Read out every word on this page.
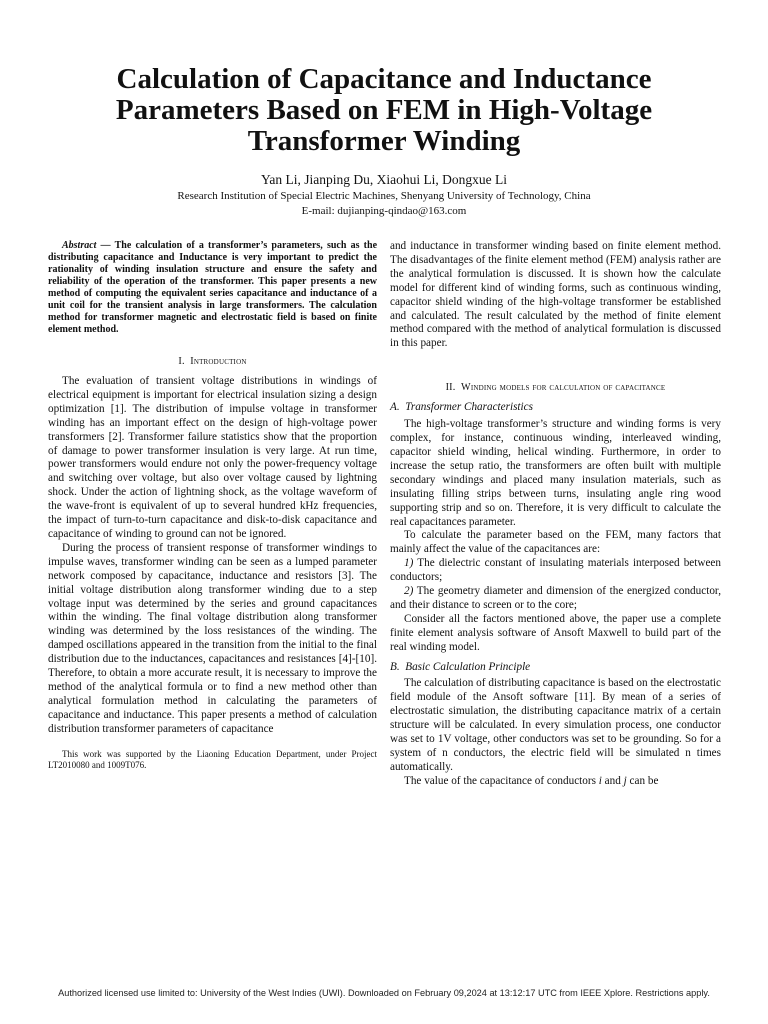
Calculation of Capacitance and Inductance
Parameters Based on FEM in High-Voltage
Transformer Winding
Yan Li, Jianping Du, Xiaohui Li, Dongxue Li
Research Institution of Special Electric Machines, Shenyang University of Technology, China
E-mail: dujianping-qindao@163.com

Abstract — The calculation of a transformer’s parameters, such as the distributing capacitance and Inductance is very important to predict the rationality of winding insulation structure and ensure the safety and reliability of the operation of the transformer. This paper presents a new method of computing the equivalent series capacitance and inductance of a unit coil for the transient analysis in large transformers. The calculation method for transformer magnetic and electrostatic field is based on finite element method.

I. Introduction

The evaluation of transient voltage distributions in windings of electrical equipment is important for electrical insulation sizing a design optimization [1]. The distribution of impulse voltage in transformer winding has an important effect on the design of high-voltage power transformers [2]. Transformer failure statistics show that the proportion of damage to power transformer insulation is very large. At run time, power transformers would endure not only the power-frequency voltage and switching over voltage, but also over voltage caused by lightning shock. Under the action of lightning shock, as the voltage waveform of the wave-front is equivalent of up to several hundred kHz frequencies, the impact of turn-to-turn capacitance and disk-to-disk capacitance and capacitance of winding to ground can not be ignored.

During the process of transient response of transformer windings to impulse waves, transformer winding can be seen as a lumped parameter network composed by capacitance, inductance and resistors [3]. The initial voltage distribution along transformer winding due to a step voltage input was determined by the series and ground capacitances within the winding. The final voltage distribution along transformer winding was determined by the loss resistances of the winding. The damped oscillations appeared in the transition from the initial to the final distribution due to the inductances, capacitances and resistances [4]-[10]. Therefore, to obtain a more accurate result, it is necessary to improve the method of the analytical formula or to find a new method other than analytical formulation method in calculating the parameters of capacitance and inductance. This paper presents a method of calculation distribution transformer parameters of capacitance

This work was supported by the Liaoning Education Department, under Project LT2010080 and 1009T076.

and inductance in transformer winding based on finite element method. The disadvantages of the finite element method (FEM) analysis rather are the analytical formulation is discussed. It is shown how the calculate model for different kind of winding forms, such as continuous winding, capacitor shield winding of the high-voltage transformer be established and calculated. The result calculated by the method of finite element method compared with the method of analytical formulation is discussed in this paper.

II. Winding models for calculation of capacitance

A. Transformer Characteristics

The high-voltage transformer’s structure and winding forms is very complex, for instance, continuous winding, interleaved winding, capacitor shield winding, helical winding. Furthermore, in order to increase the setup ratio, the transformers are often built with multiple secondary windings and placed many insulation materials, such as insulating filling strips between turns, insulating angle ring wood supporting strip and so on. Therefore, it is very difficult to calculate the real capacitances parameter.

To calculate the parameter based on the FEM, many factors that mainly affect the value of the capacitances are:

1) The dielectric constant of insulating materials interposed between conductors;

2) The geometry diameter and dimension of the energized conductor, and their distance to screen or to the core;

Consider all the factors mentioned above, the paper use a complete finite element analysis software of Ansoft Maxwell to build part of the real winding model.

B. Basic Calculation Principle

The calculation of distributing capacitance is based on the electrostatic field module of the Ansoft software [11]. By mean of a series of electrostatic simulation, the distributing capacitance matrix of a certain structure will be calculated. In every simulation process, one conductor was set to 1V voltage, other conductors was set to be grounding. So for a system of n conductors, the electric field will be simulated n times automatically.

The value of the capacitance of conductors i and j can be

Authorized licensed use limited to: University of the West Indies (UWI). Downloaded on February 09,2024 at 13:12:17 UTC from IEEE Xplore. Restrictions apply.
